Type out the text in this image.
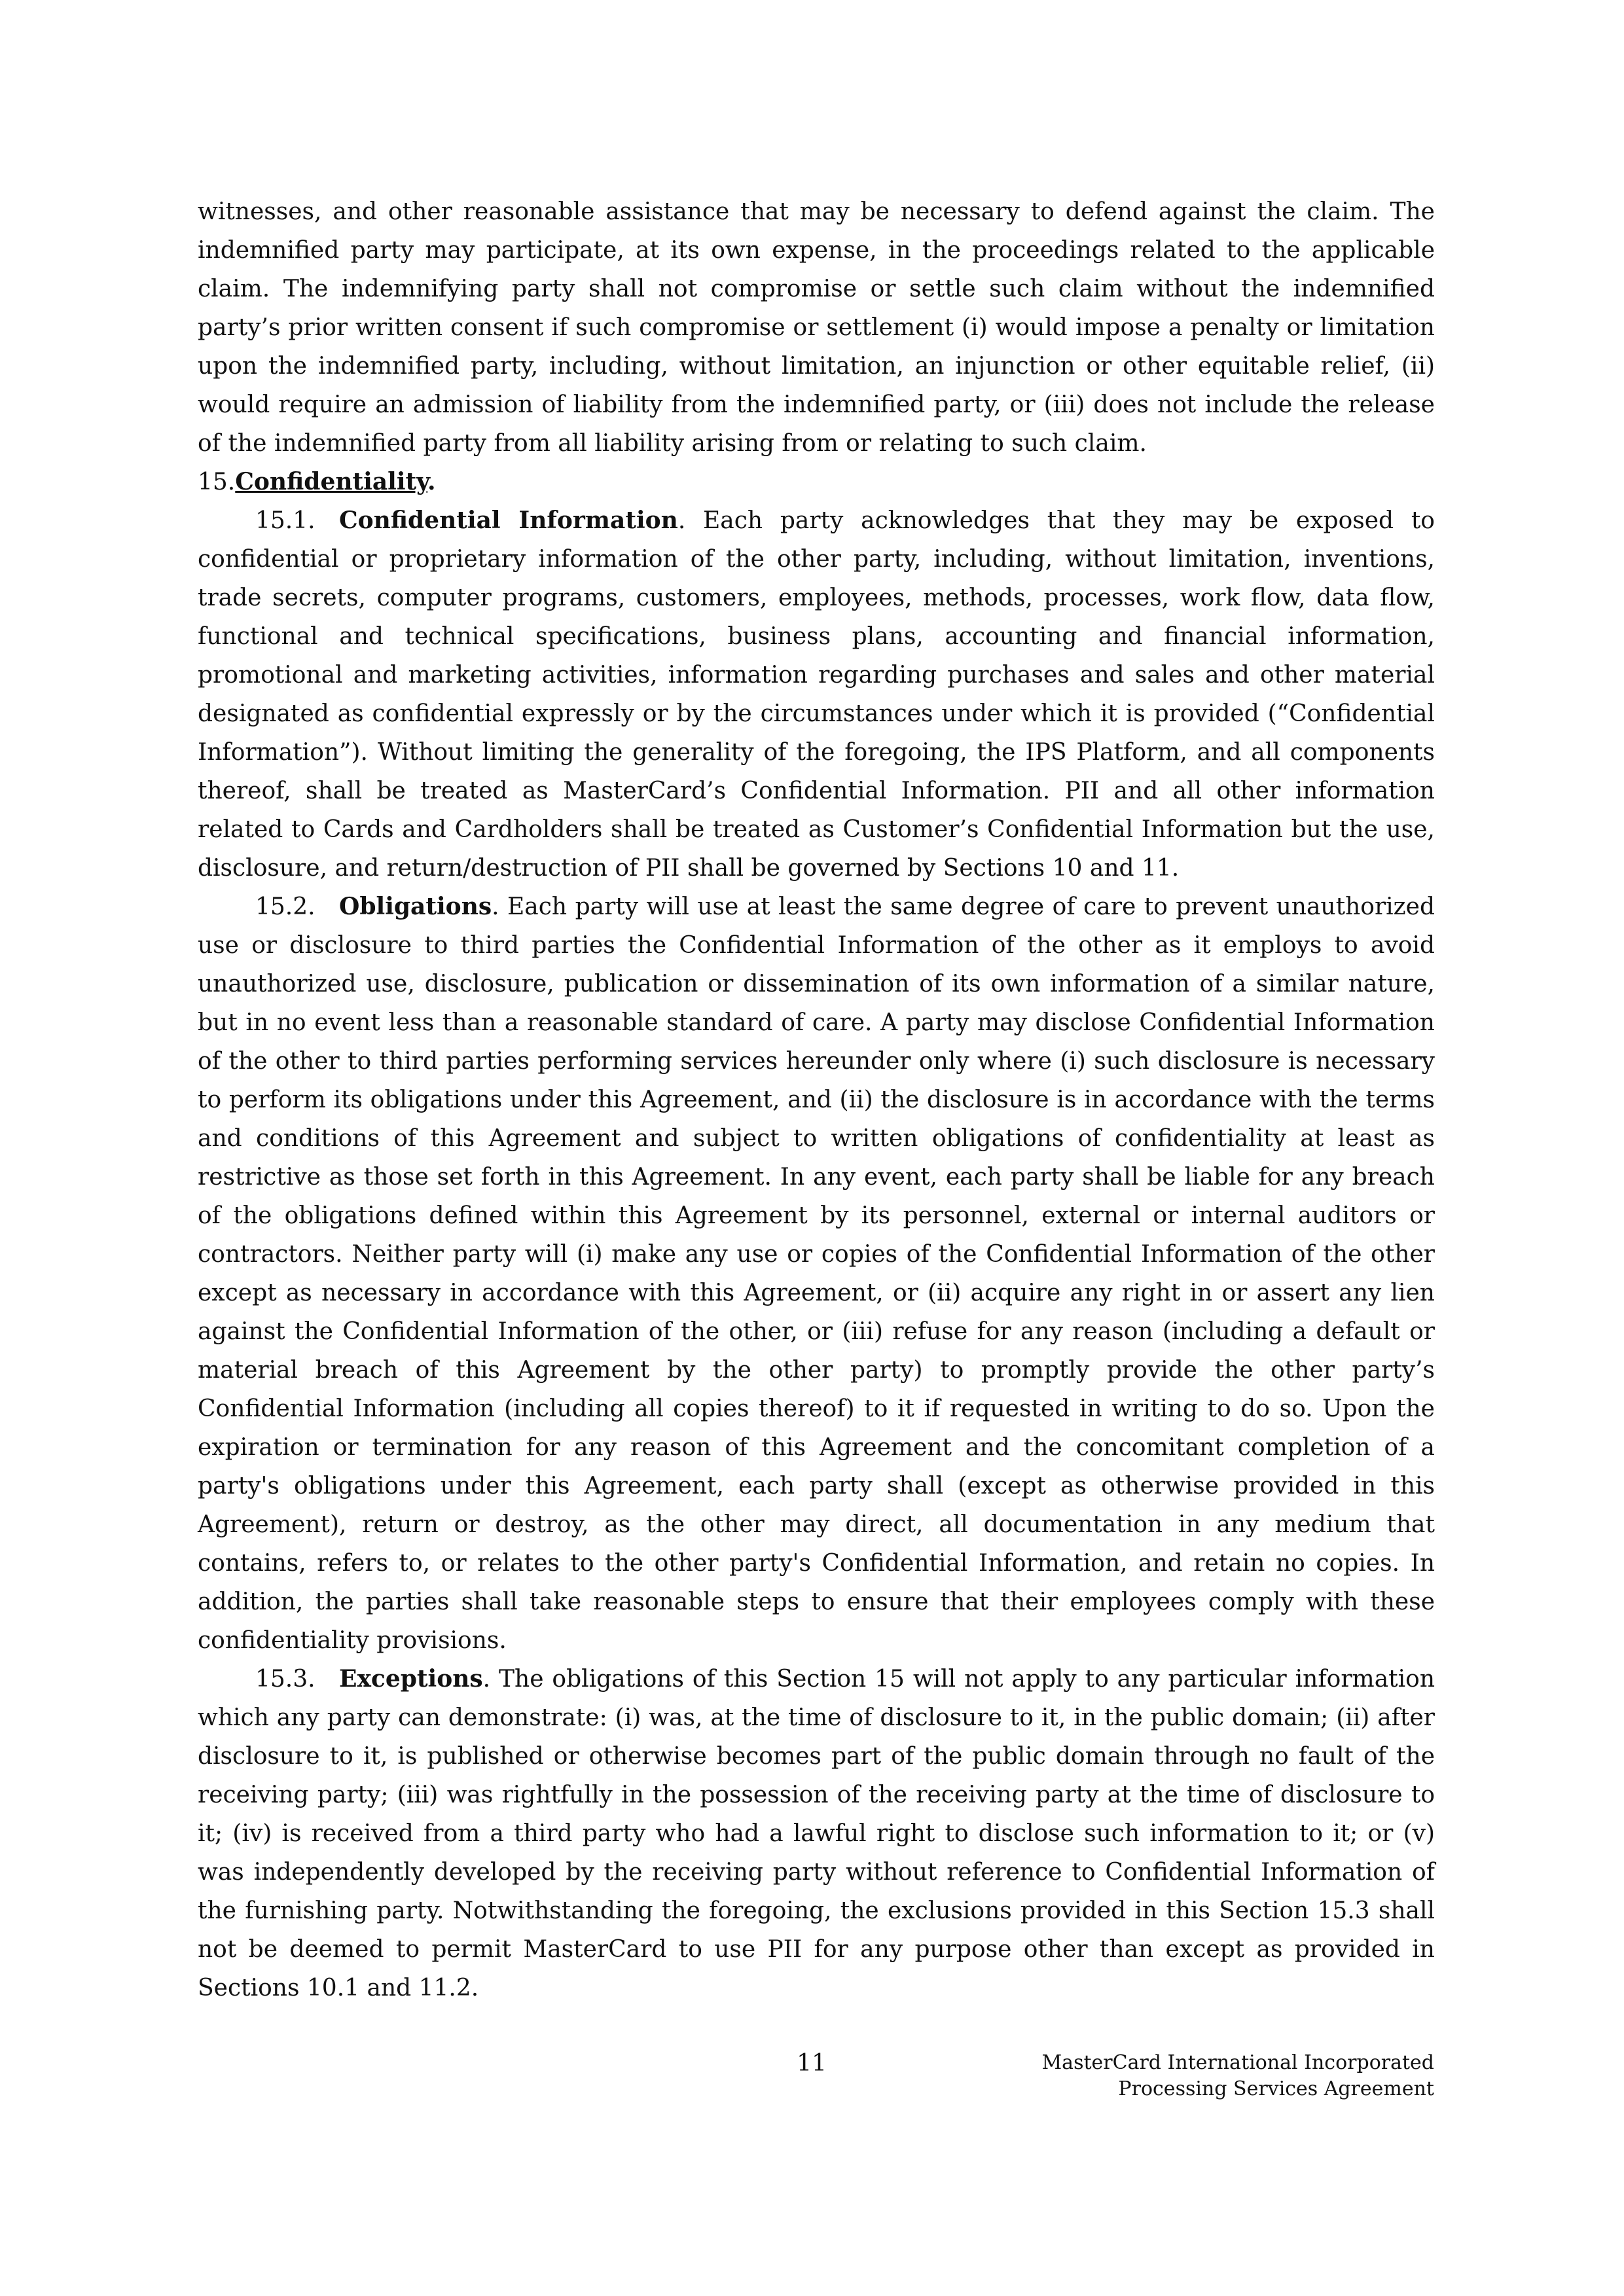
witnesses, and other reasonable assistance that may be necessary to defend against the claim. The indemnified party may participate, at its own expense, in the proceedings related to the applicable claim. The indemnifying party shall not compromise or settle such claim without the indemnified party’s prior written consent if such compromise or settlement (i) would impose a penalty or limitation upon the indemnified party, including, without limitation, an injunction or other equitable relief, (ii) would require an admission of liability from the indemnified party, or (iii) does not include the release of the indemnified party from all liability arising from or relating to such claim.

15.Confidentiality.

15.1. Confidential Information. Each party acknowledges that they may be exposed to confidential or proprietary information of the other party, including, without limitation, inventions, trade secrets, computer programs, customers, employees, methods, processes, work flow, data flow, functional and technical specifications, business plans, accounting and financial information, promotional and marketing activities, information regarding purchases and sales and other material designated as confidential expressly or by the circumstances under which it is provided (“Confidential Information”). Without limiting the generality of the foregoing, the IPS Platform, and all components thereof, shall be treated as MasterCard’s Confidential Information. PII and all other information related to Cards and Cardholders shall be treated as Customer’s Confidential Information but the use, disclosure, and return/destruction of PII shall be governed by Sections 10 and 11.

15.2. Obligations. Each party will use at least the same degree of care to prevent unauthorized use or disclosure to third parties the Confidential Information of the other as it employs to avoid unauthorized use, disclosure, publication or dissemination of its own information of a similar nature, but in no event less than a reasonable standard of care. A party may disclose Confidential Information of the other to third parties performing services hereunder only where (i) such disclosure is necessary to perform its obligations under this Agreement, and (ii) the disclosure is in accordance with the terms and conditions of this Agreement and subject to written obligations of confidentiality at least as restrictive as those set forth in this Agreement. In any event, each party shall be liable for any breach of the obligations defined within this Agreement by its personnel, external or internal auditors or contractors. Neither party will (i) make any use or copies of the Confidential Information of the other except as necessary in accordance with this Agreement, or (ii) acquire any right in or assert any lien against the Confidential Information of the other, or (iii) refuse for any reason (including a default or material breach of this Agreement by the other party) to promptly provide the other party’s Confidential Information (including all copies thereof) to it if requested in writing to do so. Upon the expiration or termination for any reason of this Agreement and the concomitant completion of a party's obligations under this Agreement, each party shall (except as otherwise provided in this Agreement), return or destroy, as the other may direct, all documentation in any medium that contains, refers to, or relates to the other party's Confidential Information, and retain no copies. In addition, the parties shall take reasonable steps to ensure that their employees comply with these confidentiality provisions.

15.3. Exceptions. The obligations of this Section 15 will not apply to any particular information which any party can demonstrate: (i) was, at the time of disclosure to it, in the public domain; (ii) after disclosure to it, is published or otherwise becomes part of the public domain through no fault of the receiving party; (iii) was rightfully in the possession of the receiving party at the time of disclosure to it; (iv) is received from a third party who had a lawful right to disclose such information to it; or (v) was independently developed by the receiving party without reference to Confidential Information of the furnishing party. Notwithstanding the foregoing, the exclusions provided in this Section 15.3 shall not be deemed to permit MasterCard to use PII for any purpose other than except as provided in Sections 10.1 and 11.2.

11	MasterCard International Incorporated
Processing Services Agreement
